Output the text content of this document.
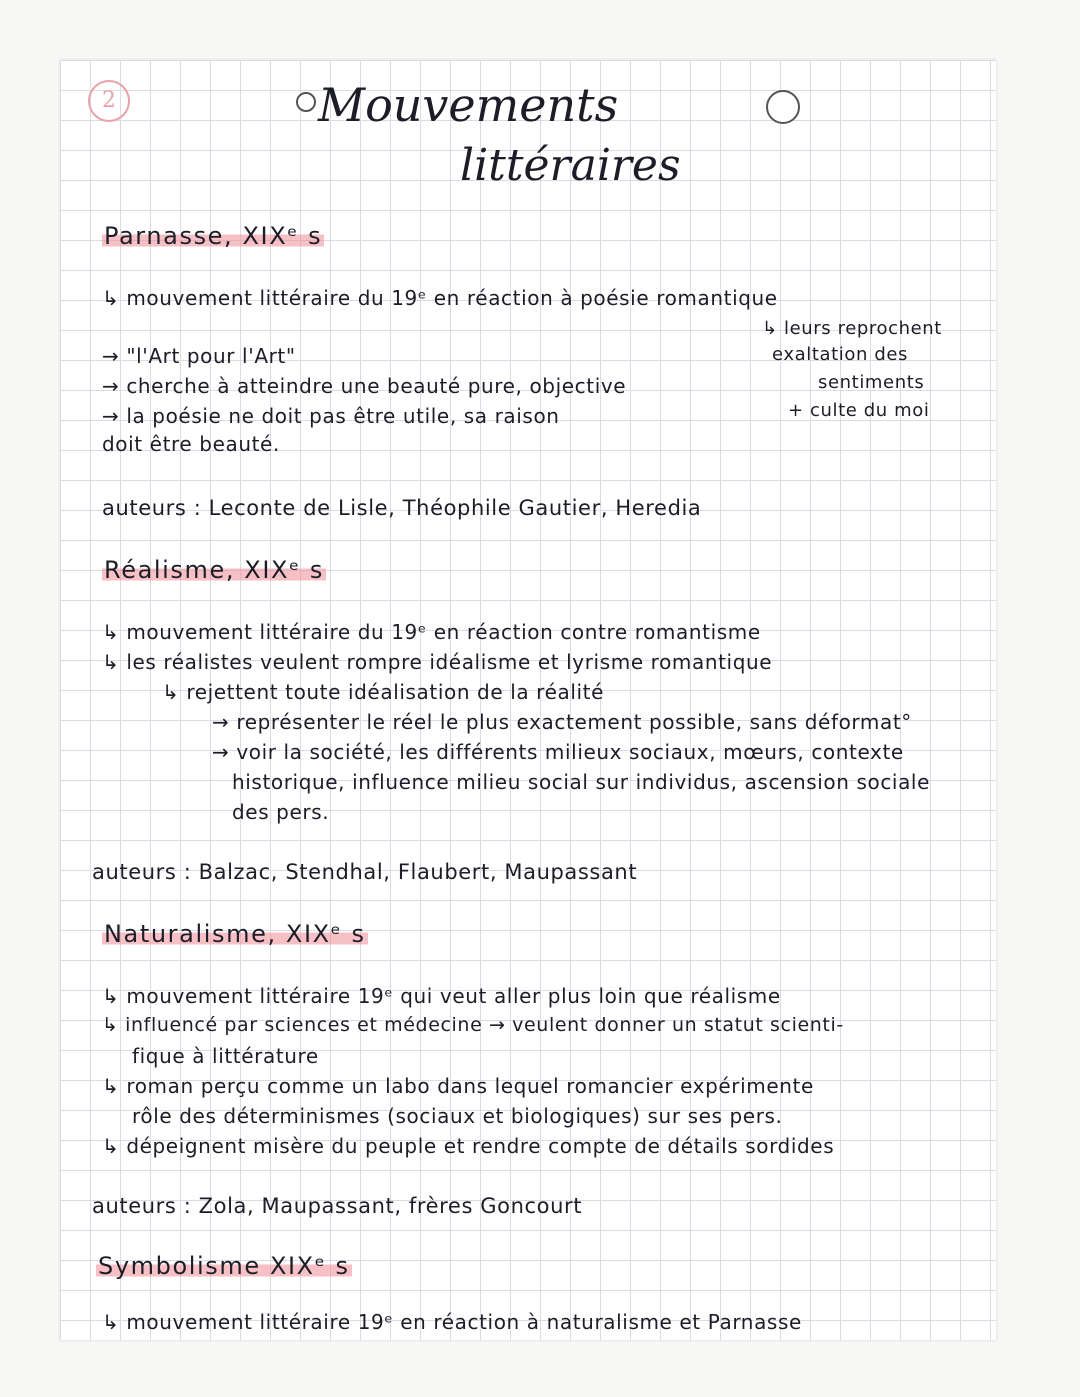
2	Mouvements
littéraires
Parnasse, XIXᵉ s
↳ mouvement littéraire du 19ᵉ en réaction à poésie romantique
↳ leurs reprochent
exaltation des
sentiments
+ culte du moi
→ "l'Art pour l'Art"
→ cherche à atteindre une beauté pure, objective
→ la poésie ne doit pas être utile, sa raison
doit être beauté.
auteurs : Leconte de Lisle, Théophile Gautier, Heredia
Réalisme, XIXᵉ s
↳ mouvement littéraire du 19ᵉ en réaction contre romantisme
↳ les réalistes veulent rompre idéalisme et lyrisme romantique
↳ rejettent toute idéalisation de la réalité
→ représenter le réel le plus exactement possible, sans déformat°
→ voir la société, les différents milieux sociaux, mœurs, contexte
historique, influence milieu social sur individus, ascension sociale
des pers.
auteurs : Balzac, Stendhal, Flaubert, Maupassant
Naturalisme, XIXᵉ s
↳ mouvement littéraire 19ᵉ qui veut aller plus loin que réalisme
↳ influencé par sciences et médecine → veulent donner un statut scienti-
fique à littérature
↳ roman perçu comme un labo dans lequel romancier expérimente
rôle des déterminismes (sociaux et biologiques) sur ses pers.
↳ dépeignent misère du peuple et rendre compte de détails sordides
auteurs : Zola, Maupassant, frères Goncourt
Symbolisme XIXᵉ s
↳ mouvement littéraire 19ᵉ en réaction à naturalisme et Parnasse
